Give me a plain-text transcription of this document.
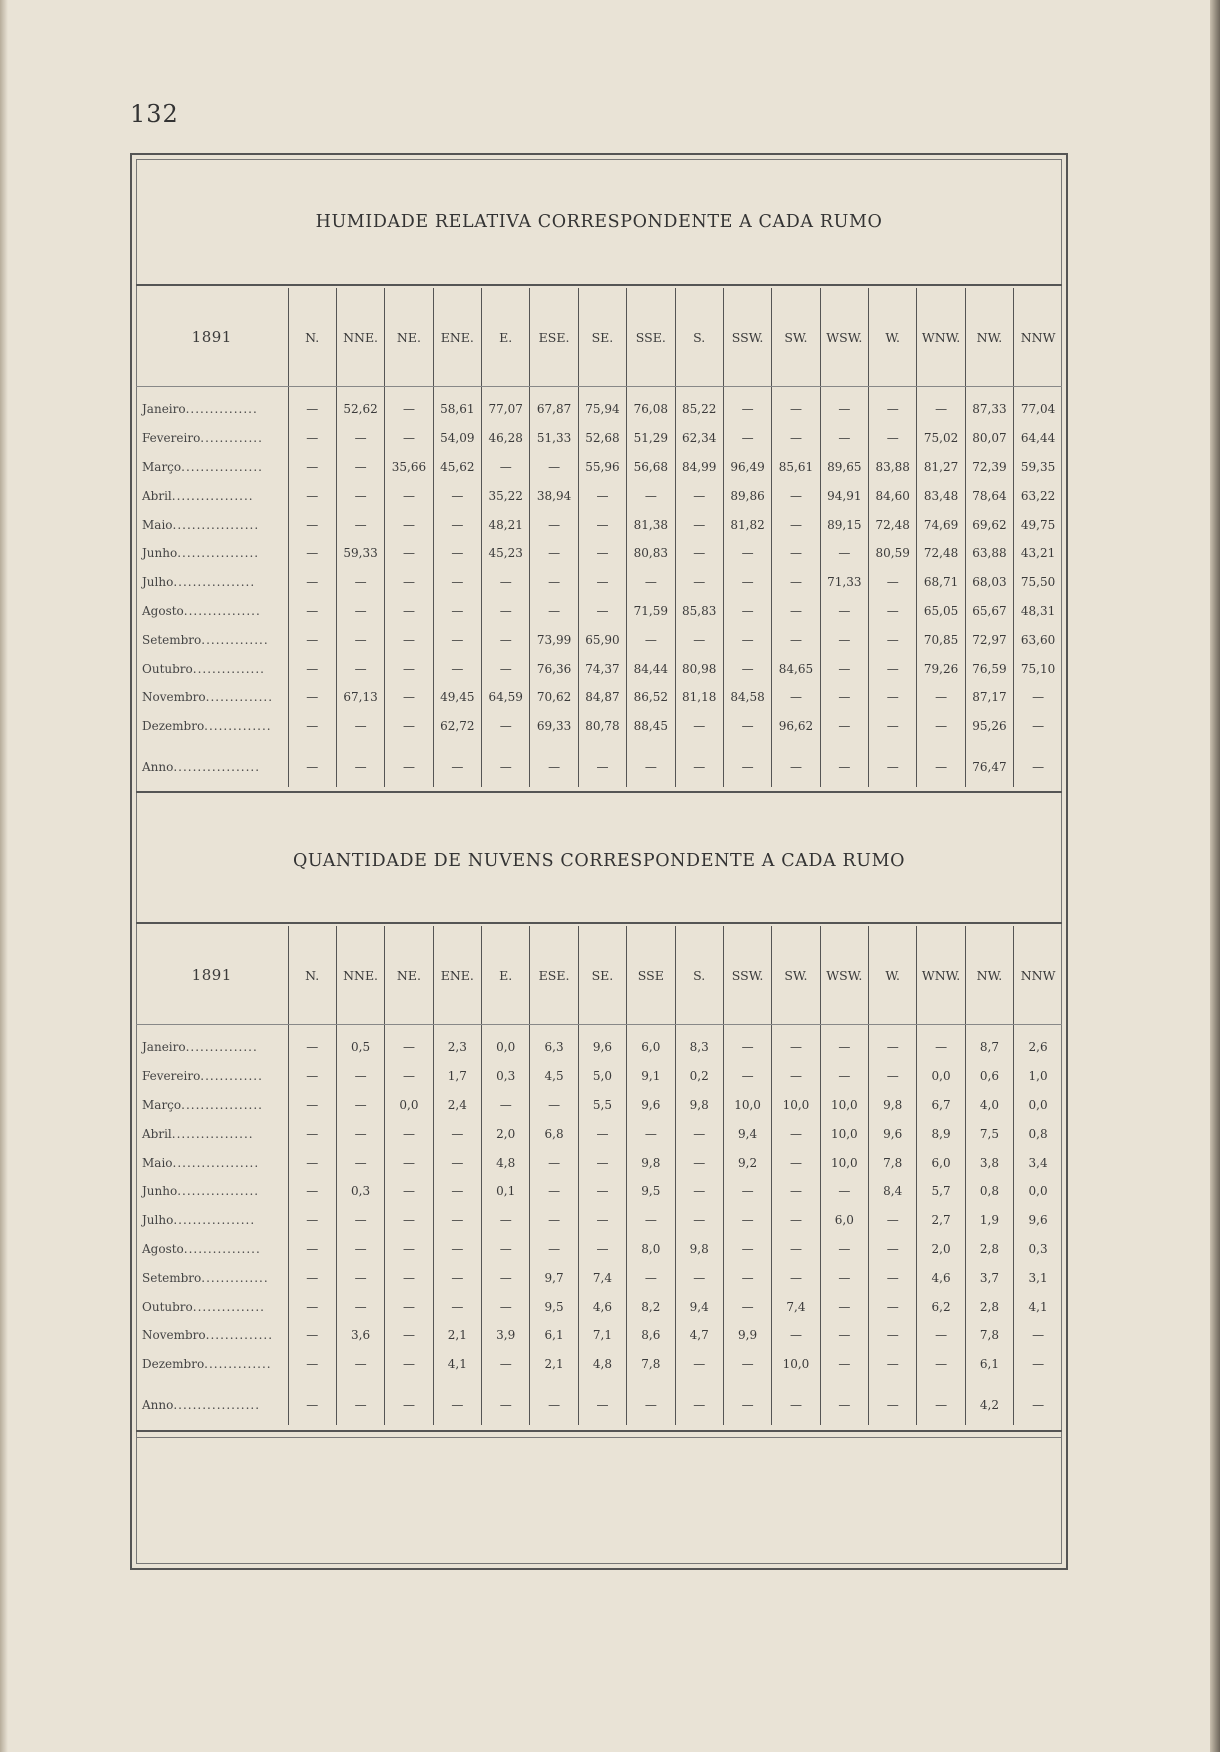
132
HUMIDADE RELATIVA CORRESPONDENTE A CADA RUMO
1891	N.	NNE.	NE.	ENE.	E.	ESE.	SE.	SSE.	S.	SSW.	SW.	WSW.	W.	WNW.	NW.	NNW
Janeiro...............	—	52,62	—	58,61	77,07	67,87	75,94	76,08	85,22	—	—	—	—	—	87,33	77,04
Fevereiro.............	—	—	—	54,09	46,28	51,33	52,68	51,29	62,34	—	—	—	—	75,02	80,07	64,44
Março.................	—	—	35,66	45,62	—	—	55,96	56,68	84,99	96,49	85,61	89,65	83,88	81,27	72,39	59,35
Abril.................	—	—	—	—	35,22	38,94	—	—	—	89,86	—	94,91	84,60	83,48	78,64	63,22
Maio..................	—	—	—	—	48,21	—	—	81,38	—	81,82	—	89,15	72,48	74,69	69,62	49,75
Junho.................	—	59,33	—	—	45,23	—	—	80,83	—	—	—	—	80,59	72,48	63,88	43,21
Julho.................	—	—	—	—	—	—	—	—	—	—	—	71,33	—	68,71	68,03	75,50
Agosto................	—	—	—	—	—	—	—	71,59	85,83	—	—	—	—	65,05	65,67	48,31
Setembro..............	—	—	—	—	—	73,99	65,90	—	—	—	—	—	—	70,85	72,97	63,60
Outubro...............	—	—	—	—	—	76,36	74,37	84,44	80,98	—	84,65	—	—	79,26	76,59	75,10
Novembro..............	—	67,13	—	49,45	64,59	70,62	84,87	86,52	81,18	84,58	—	—	—	—	87,17	—
Dezembro..............	—	—	—	62,72	—	69,33	80,78	88,45	—	—	96,62	—	—	—	95,26	—
Anno..................	—	—	—	—	—	—	—	—	—	—	—	—	—	—	76,47	—
QUANTIDADE DE NUVENS CORRESPONDENTE A CADA RUMO
1891	N.	NNE.	NE.	ENE.	E.	ESE.	SE.	SSE	S.	SSW.	SW.	WSW.	W.	WNW.	NW.	NNW
Janeiro...............	—	0,5	—	2,3	0,0	6,3	9,6	6,0	8,3	—	—	—	—	—	8,7	2,6
Fevereiro.............	—	—	—	1,7	0,3	4,5	5,0	9,1	0,2	—	—	—	—	0,0	0,6	1,0
Março.................	—	—	0,0	2,4	—	—	5,5	9,6	9,8	10,0	10,0	10,0	9,8	6,7	4,0	0,0
Abril.................	—	—	—	—	2,0	6,8	—	—	—	9,4	—	10,0	9,6	8,9	7,5	0,8
Maio..................	—	—	—	—	4,8	—	—	9,8	—	9,2	—	10,0	7,8	6,0	3,8	3,4
Junho.................	—	0,3	—	—	0,1	—	—	9,5	—	—	—	—	8,4	5,7	0,8	0,0
Julho.................	—	—	—	—	—	—	—	—	—	—	—	6,0	—	2,7	1,9	9,6
Agosto................	—	—	—	—	—	—	—	8,0	9,8	—	—	—	—	2,0	2,8	0,3
Setembro..............	—	—	—	—	—	9,7	7,4	—	—	—	—	—	—	4,6	3,7	3,1
Outubro...............	—	—	—	—	—	9,5	4,6	8,2	9,4	—	7,4	—	—	6,2	2,8	4,1
Novembro..............	—	3,6	—	2,1	3,9	6,1	7,1	8,6	4,7	9,9	—	—	—	—	7,8	—
Dezembro..............	—	—	—	4,1	—	2,1	4,8	7,8	—	—	10,0	—	—	—	6,1	—
Anno..................	—	—	—	—	—	—	—	—	—	—	—	—	—	—	4,2	—
